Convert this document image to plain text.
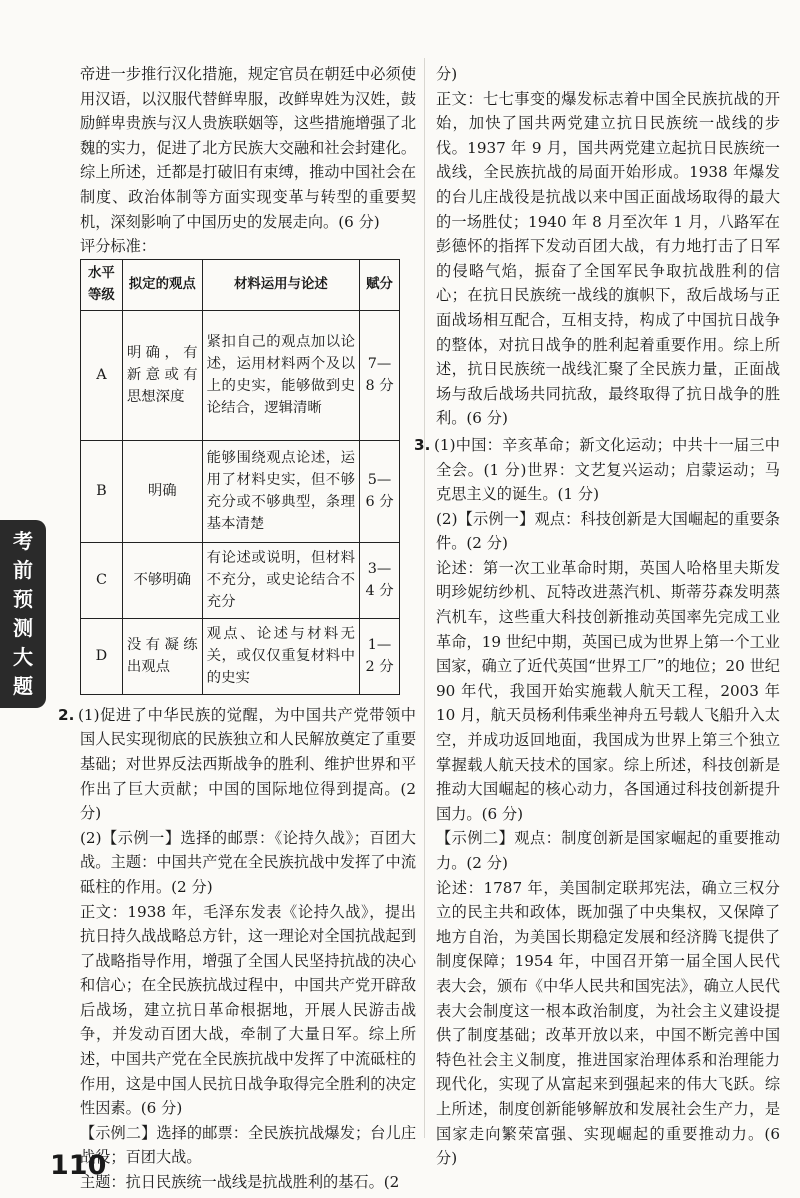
考
前
预
测
大
题

帝进一步推行汉化措施，规定官员在朝廷中必须使用汉语，以汉服代替鲜卑服，改鲜卑姓为汉姓，鼓励鲜卑贵族与汉人贵族联姻等，这些措施增强了北魏的实力，促进了北方民族大交融和社会封建化。综上所述，迁都是打破旧有束缚，推动中国社会在制度、政治体制等方面实现变革与转型的重要契机，深刻影响了中国历史的发展走向。(6 分)

评分标准：

水平等级	拟定的观点	材料运用与论述	赋分
A	明确，有新意或有思想深度	紧扣自己的观点加以论述，运用材料两个及以上的史实，能够做到史论结合，逻辑清晰	7—8 分
B	明确	能够围绕观点论述，运用了材料史实，但不够充分或不够典型，条理基本清楚	5—6 分
C	不够明确	有论述或说明，但材料不充分，或史论结合不充分	3—4 分
D	没有凝练出观点	观点、论述与材料无关，或仅仅重复材料中的史实	1—2 分

2. (1)促进了中华民族的觉醒，为中国共产党带领中国人民实现彻底的民族独立和人民解放奠定了重要基础；对世界反法西斯战争的胜利、维护世界和平作出了巨大贡献；中国的国际地位得到提高。(2 分)

(2)【示例一】选择的邮票：《论持久战》；百团大战。主题：中国共产党在全民族抗战中发挥了中流砥柱的作用。(2 分)

正文：1938 年，毛泽东发表《论持久战》，提出抗日持久战战略总方针，这一理论对全国抗战起到了战略指导作用，增强了全国人民坚持抗战的决心和信心；在全民族抗战过程中，中国共产党开辟敌后战场，建立抗日革命根据地，开展人民游击战争，并发动百团大战，牵制了大量日军。综上所述，中国共产党在全民族抗战中发挥了中流砥柱的作用，这是中国人民抗日战争取得完全胜利的决定性因素。(6 分)

【示例二】选择的邮票：全民族抗战爆发；台儿庄战役；百团大战。

主题：抗日民族统一战线是抗战胜利的基石。(2

分)

正文：七七事变的爆发标志着中国全民族抗战的开始，加快了国共两党建立抗日民族统一战线的步伐。1937 年 9 月，国共两党建立起抗日民族统一战线，全民族抗战的局面开始形成。1938 年爆发的台儿庄战役是抗战以来中国正面战场取得的最大的一场胜仗；1940 年 8 月至次年 1 月，八路军在彭德怀的指挥下发动百团大战，有力地打击了日军的侵略气焰，振奋了全国军民争取抗战胜利的信心；在抗日民族统一战线的旗帜下，敌后战场与正面战场相互配合，互相支持，构成了中国抗日战争的整体，对抗日战争的胜利起着重要作用。综上所述，抗日民族统一战线汇聚了全民族力量，正面战场与敌后战场共同抗敌，最终取得了抗日战争的胜利。(6 分)

3. (1)中国：辛亥革命；新文化运动；中共十一届三中全会。(1 分)世界：文艺复兴运动；启蒙运动；马克思主义的诞生。(1 分)

(2)【示例一】观点：科技创新是大国崛起的重要条件。(2 分)

论述：第一次工业革命时期，英国人哈格里夫斯发明珍妮纺纱机、瓦特改进蒸汽机、斯蒂芬森发明蒸汽机车，这些重大科技创新推动英国率先完成工业革命，19 世纪中期，英国已成为世界上第一个工业国家，确立了近代英国“世界工厂”的地位；20 世纪 90 年代，我国开始实施载人航天工程，2003 年 10 月，航天员杨利伟乘坐神舟五号载人飞船升入太空，并成功返回地面，我国成为世界上第三个独立掌握载人航天技术的国家。综上所述，科技创新是推动大国崛起的核心动力，各国通过科技创新提升国力。(6 分)

【示例二】观点：制度创新是国家崛起的重要推动力。(2 分)

论述：1787 年，美国制定联邦宪法，确立三权分立的民主共和政体，既加强了中央集权，又保障了地方自治，为美国长期稳定发展和经济腾飞提供了制度保障；1954 年，中国召开第一届全国人民代表大会，颁布《中华人民共和国宪法》，确立人民代表大会制度这一根本政治制度，为社会主义建设提供了制度基础；改革开放以来，中国不断完善中国特色社会主义制度，推进国家治理体系和治理能力现代化，实现了从富起来到强起来的伟大飞跃。综上所述，制度创新能够解放和发展社会生产力，是国家走向繁荣富强、实现崛起的重要推动力。(6 分)

110
